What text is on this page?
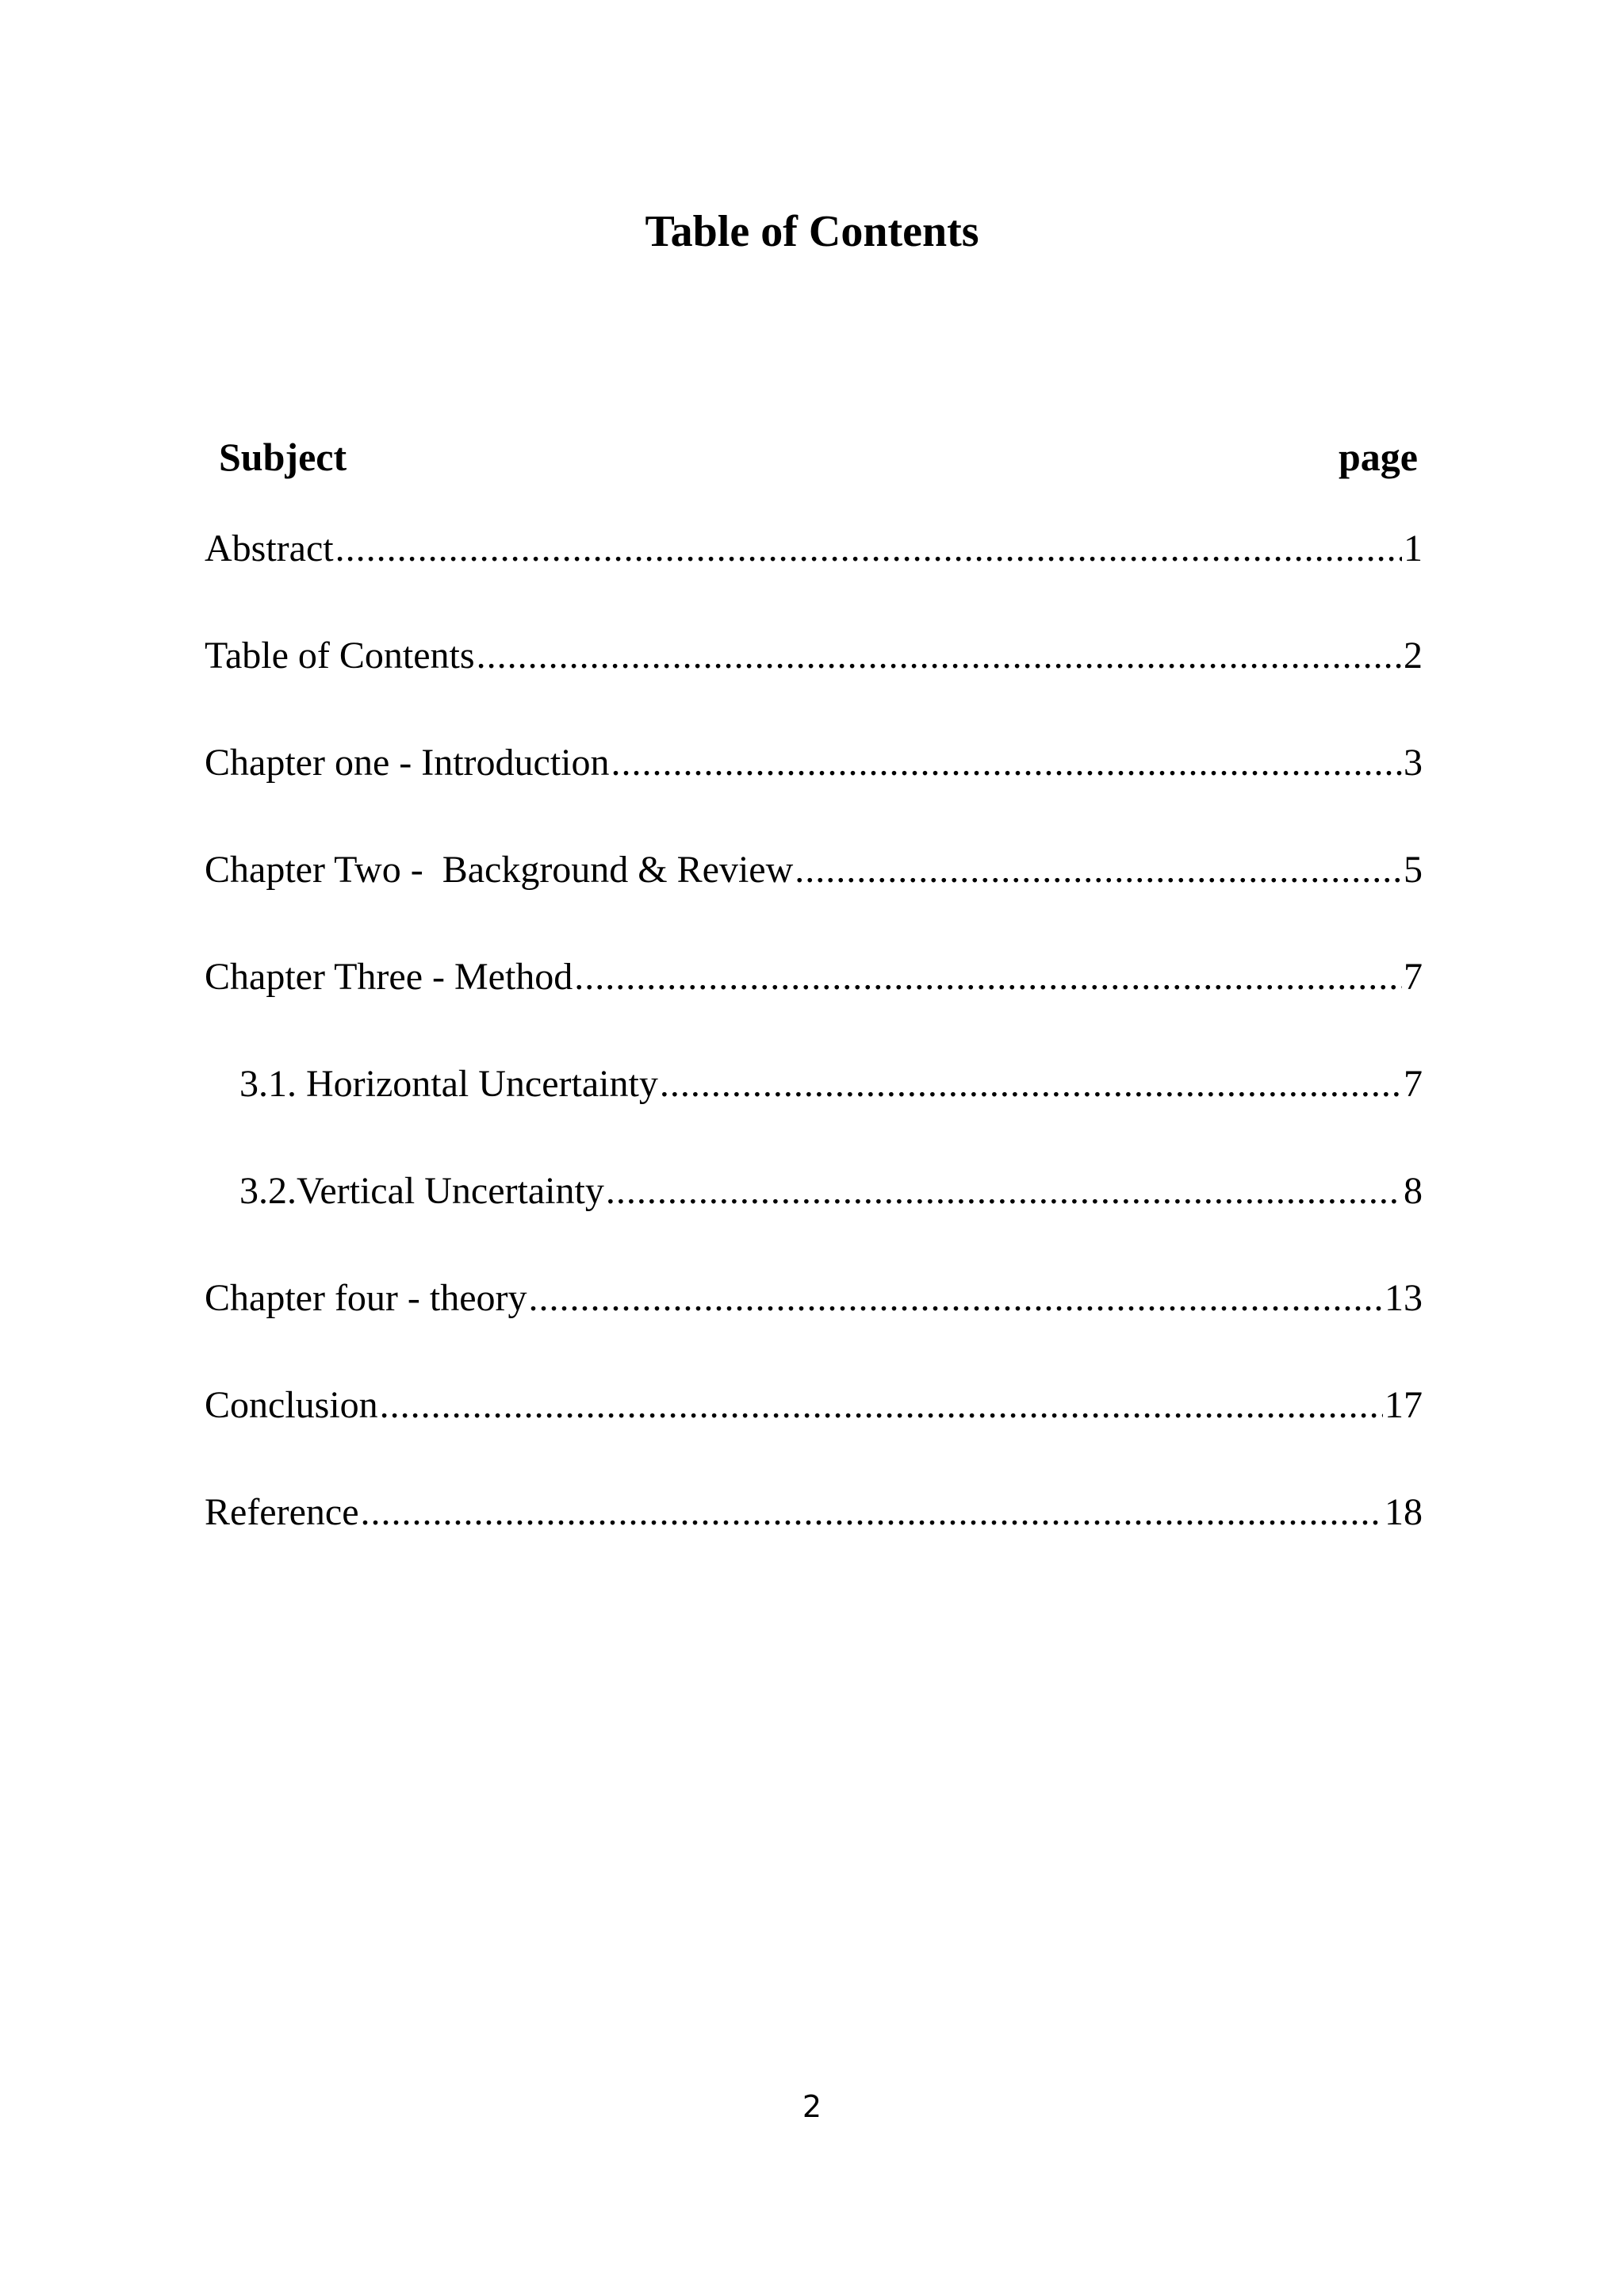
Table of Contents
Subject	page
Abstract .....	1
Table of Contents .....	2
Chapter one - Introduction .....	3
Chapter Two -  Background & Review .....	5
Chapter Three - Method .....	7
3.1. Horizontal Uncertainty .....	7
3.2.Vertical Uncertainty .....	8
Chapter four - theory .....	13
Conclusion .....	17
Reference .....	18
2
